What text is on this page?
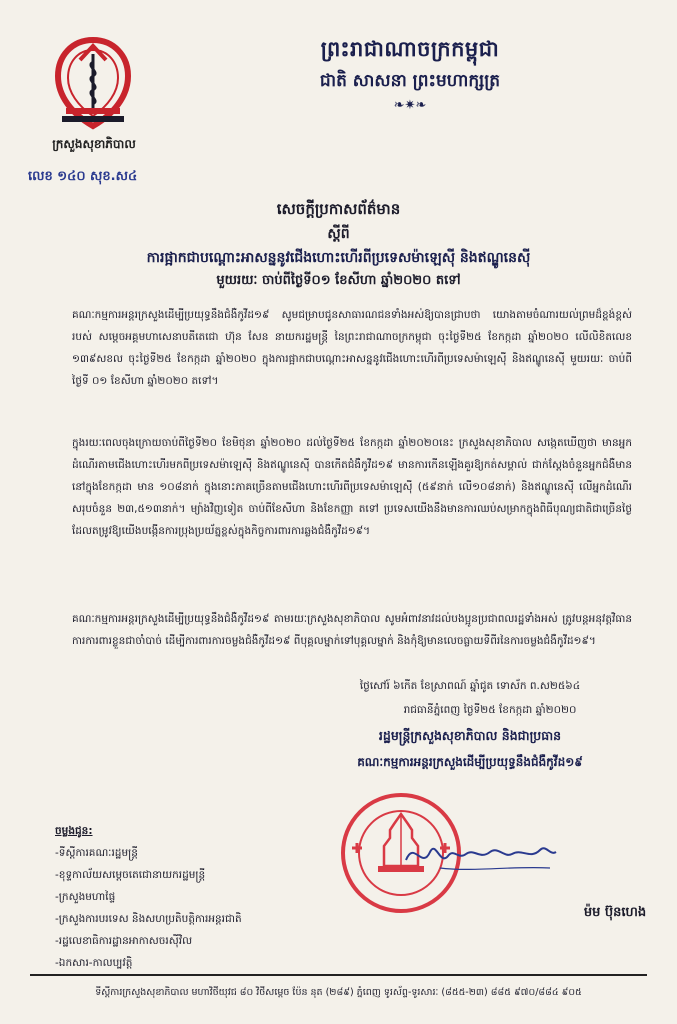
ក្រសួងសុខាភិបាល
លេខ ១៤០ សុខ.ស៤
ព្រះរាជាណាចក្រកម្ពុជា
ជាតិ សាសនា ព្រះមហាក្សត្រ
❧✷❧
សេចក្ដីប្រកាសព័ត៌មាន
ស្ដីពី
ការផ្អាកជាបណ្ដោះអាសន្ននូវជើងហោះហើរពីប្រទេសម៉ាឡេស៊ី និងឥណ្ឌូនេស៊ី
មួយរយៈ ចាប់ពីថ្ងៃទី០១ ខែសីហា ឆ្នាំ២០២០ តទៅ
គណៈកម្មការអន្តរក្រសួងដើម្បីប្រយុទ្ធនឹងជំងឺកូវីដ១៩ សូមជម្រាបជូនសាធារណជនទាំងអស់ឱ្យបានជ្រាបថា យោងតាមចំណារយល់ព្រមដ៏ខ្ពង់ខ្ពស់របស់ សម្ដេចអគ្គមហាសេនាបតីតេជោ ហ៊ុន សែន នាយករដ្ឋមន្ត្រី នៃព្រះរាជាណាចក្រកម្ពុជា ចុះថ្ងៃទី២៥ ខែកក្កដា ឆ្នាំ២០២០ លើលិខិតលេខ ១៣៩សខល ចុះថ្ងៃទី២៥ ខែកក្កដា ឆ្នាំ២០២០ ក្នុងការផ្អាកជាបណ្ដោះអាសន្ននូវជើងហោះហើរពីប្រទេសម៉ាឡេស៊ី និងឥណ្ឌូនេស៊ី មួយរយៈ ចាប់ពីថ្ងៃទី ០១ ខែសីហា ឆ្នាំ២០២០ តទៅ។
ក្នុងរយៈពេលចុងក្រោយចាប់ពីថ្ងៃទី២០ ខែមិថុនា ឆ្នាំ២០២០ ដល់ថ្ងៃទី២៥ ខែកក្កដា ឆ្នាំ២០២០នេះ ក្រសួងសុខាភិបាល សង្កេតឃើញថា មានអ្នកដំណើរតាមជើងហោះហើរមកពីប្រទេសម៉ាឡេស៊ី និងឥណ្ឌូនេស៊ី បានកើតជំងឺកូវីដ១៩ មានការកើនឡើងគួរឱ្យកត់សម្គាល់ ជាក់ស្ដែងចំនួនអ្នកជំងឺមាននៅក្នុងខែកក្កដា មាន ១០៨នាក់ ក្នុងនោះភាគច្រើនតាមជើងហោះហើរពីប្រទេសម៉ាឡេស៊ី (៥៩នាក់ លើ១០៨នាក់) និងឥណ្ឌូនេស៊ី លើអ្នកដំណើរសរុបចំនួន ២៣,៥១៣នាក់។ ម្យ៉ាងវិញទៀត ចាប់ពីខែសីហា និងខែកញ្ញា តទៅ ប្រទេសយើងនឹងមានការឈប់សម្រាកក្នុងពិធីបុណ្យជាតិជាច្រើនថ្ងៃ ដែលតម្រូវឱ្យយើងបង្កើនការប្រុងប្រយ័ត្នខ្ពស់ក្នុងកិច្ចការពារការឆ្លងជំងឺកូវីដ១៩។
គណៈកម្មការអន្តរក្រសួងដើម្បីប្រយុទ្ធនឹងជំងឺកូវីដ១៩ តាមរយៈក្រសួងសុខាភិបាល សូមអំពាវនាវដល់បងប្អូនប្រជាពលរដ្ឋទាំងអស់ ត្រូវបន្តអនុវត្តវិធានការការពារខ្លួនជាចាំបាច់ ដើម្បីការពារការចម្លងជំងឺកូវីដ១៩ ពីបុគ្គលម្នាក់ទៅបុគ្គលម្នាក់ និងកុំឱ្យមានលេចធ្លាយទីពីរនៃការចម្លងជំងឺកូវីដ១៩។
ថ្ងៃសៅរ៍ ៦កើត ខែស្រាពណ៍ ឆ្នាំជូត ទោស័ក ព.ស២៥៦៤
រាជធានីភ្នំពេញ ថ្ងៃទី២៥ ខែកក្កដា ឆ្នាំ២០២០
រដ្ឋមន្ត្រីក្រសួងសុខាភិបាល និងជាប្រធាន
គណៈកម្មការអន្តរក្រសួងដើម្បីប្រយុទ្ធនឹងជំងឺកូវីដ១៩
ម៉ម ប៊ុនហេង
ចម្លងជូន:
-ទីស្ដីការគណៈរដ្ឋមន្ត្រី
-ខុទ្ទកាល័យសម្ដេចតេជោនាយករដ្ឋមន្ត្រី
-ក្រសួងមហាផ្ទៃ
-ក្រសួងការបរទេស និងសហប្រតិបត្តិការអន្តរជាតិ
-រដ្ឋលេខាធិការដ្ឋានអាកាសចរស៊ីវិល
-ឯកសារ-កាលប្បវត្តិ
ទីស្ដីការក្រសួងសុខាភិបាល មហាវិថីយុវជ ៨០ វិថីសម្ដេច ប៉ែន នុត (២៨៩) ភ្នំពេញ ទូរស័ព្ទ-ទូរសារៈ (៨៥៥-២៣) ៨៨៥ ៩៧០/៨៨៤ ៩០៥
